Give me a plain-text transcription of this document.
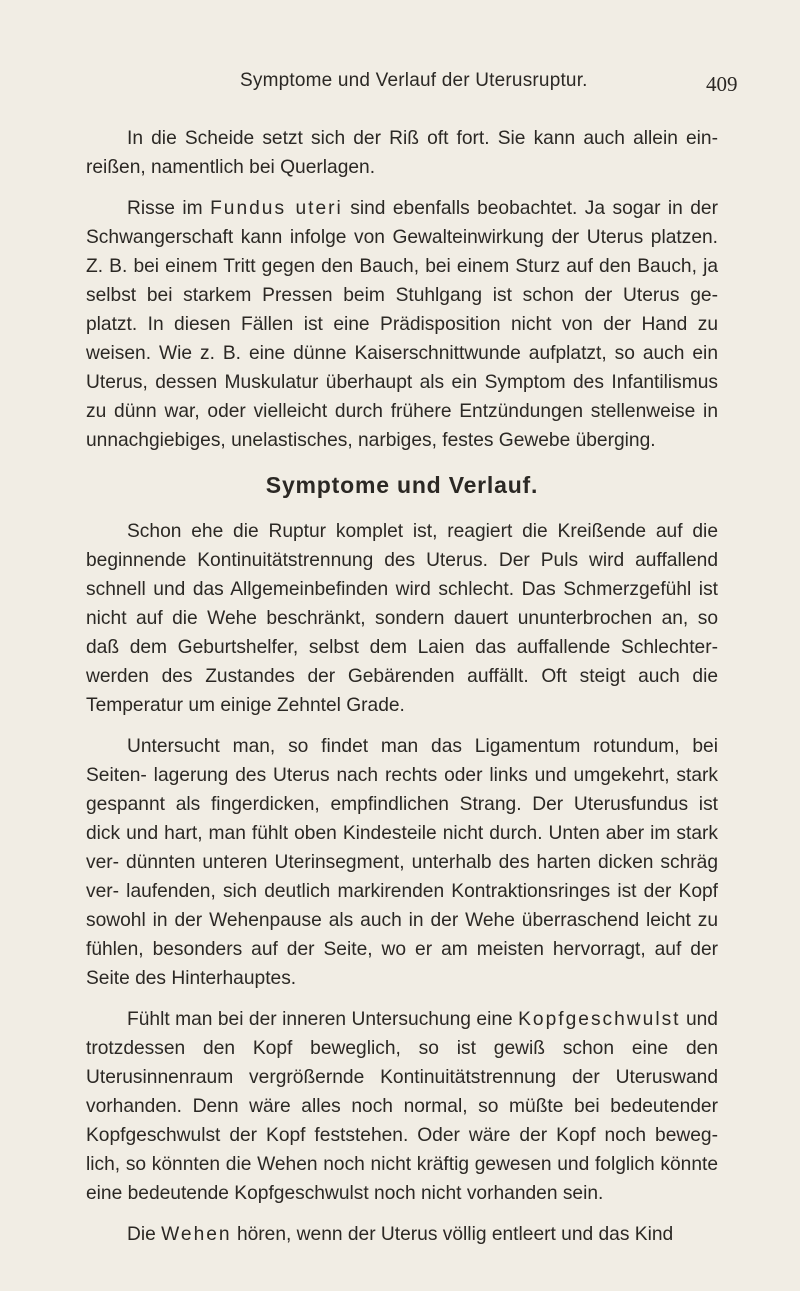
Symptome und Verlauf der Uterusruptur.	409

In die Scheide setzt sich der Riß oft fort. Sie kann auch allein ein- reißen, namentlich bei Querlagen.

Risse im Fundus uteri sind ebenfalls beobachtet. Ja sogar in der Schwangerschaft kann infolge von Gewalteinwirkung der Uterus platzen. Z. B. bei einem Tritt gegen den Bauch, bei einem Sturz auf den Bauch, ja selbst bei starkem Pressen beim Stuhlgang ist schon der Uterus ge- platzt. In diesen Fällen ist eine Prädisposition nicht von der Hand zu weisen. Wie z. B. eine dünne Kaiserschnittwunde aufplatzt, so auch ein Uterus, dessen Muskulatur überhaupt als ein Symptom des Infantilismus zu dünn war, oder vielleicht durch frühere Entzündungen stellenweise in unnachgiebiges, unelastisches, narbiges, festes Gewebe überging.

Symptome und Verlauf.

Schon ehe die Ruptur komplet ist, reagiert die Kreißende auf die beginnende Kontinuitätstrennung des Uterus. Der Puls wird auffallend schnell und das Allgemeinbefinden wird schlecht. Das Schmerzgefühl ist nicht auf die Wehe beschränkt, sondern dauert ununterbrochen an, so daß dem Geburtshelfer, selbst dem Laien das auffallende Schlechter- werden des Zustandes der Gebärenden auffällt. Oft steigt auch die Temperatur um einige Zehntel Grade.

Untersucht man, so findet man das Ligamentum rotundum, bei Seiten- lagerung des Uterus nach rechts oder links und umgekehrt, stark gespannt als fingerdicken, empfindlichen Strang. Der Uterusfundus ist dick und hart, man fühlt oben Kindesteile nicht durch. Unten aber im stark ver- dünnten unteren Uterinsegment, unterhalb des harten dicken schräg ver- laufenden, sich deutlich markirenden Kontraktionsringes ist der Kopf sowohl in der Wehenpause als auch in der Wehe überraschend leicht zu fühlen, besonders auf der Seite, wo er am meisten hervorragt, auf der Seite des Hinterhauptes.

Fühlt man bei der inneren Untersuchung eine Kopfgeschwulst und trotzdessen den Kopf beweglich, so ist gewiß schon eine den Uterusinnenraum vergrößernde Kontinuitätstrennung der Uteruswand vorhanden. Denn wäre alles noch normal, so müßte bei bedeutender Kopfgeschwulst der Kopf feststehen. Oder wäre der Kopf noch beweg- lich, so könnten die Wehen noch nicht kräftig gewesen und folglich könnte eine bedeutende Kopfgeschwulst noch nicht vorhanden sein.

Die Wehen hören, wenn der Uterus völlig entleert und das Kind
